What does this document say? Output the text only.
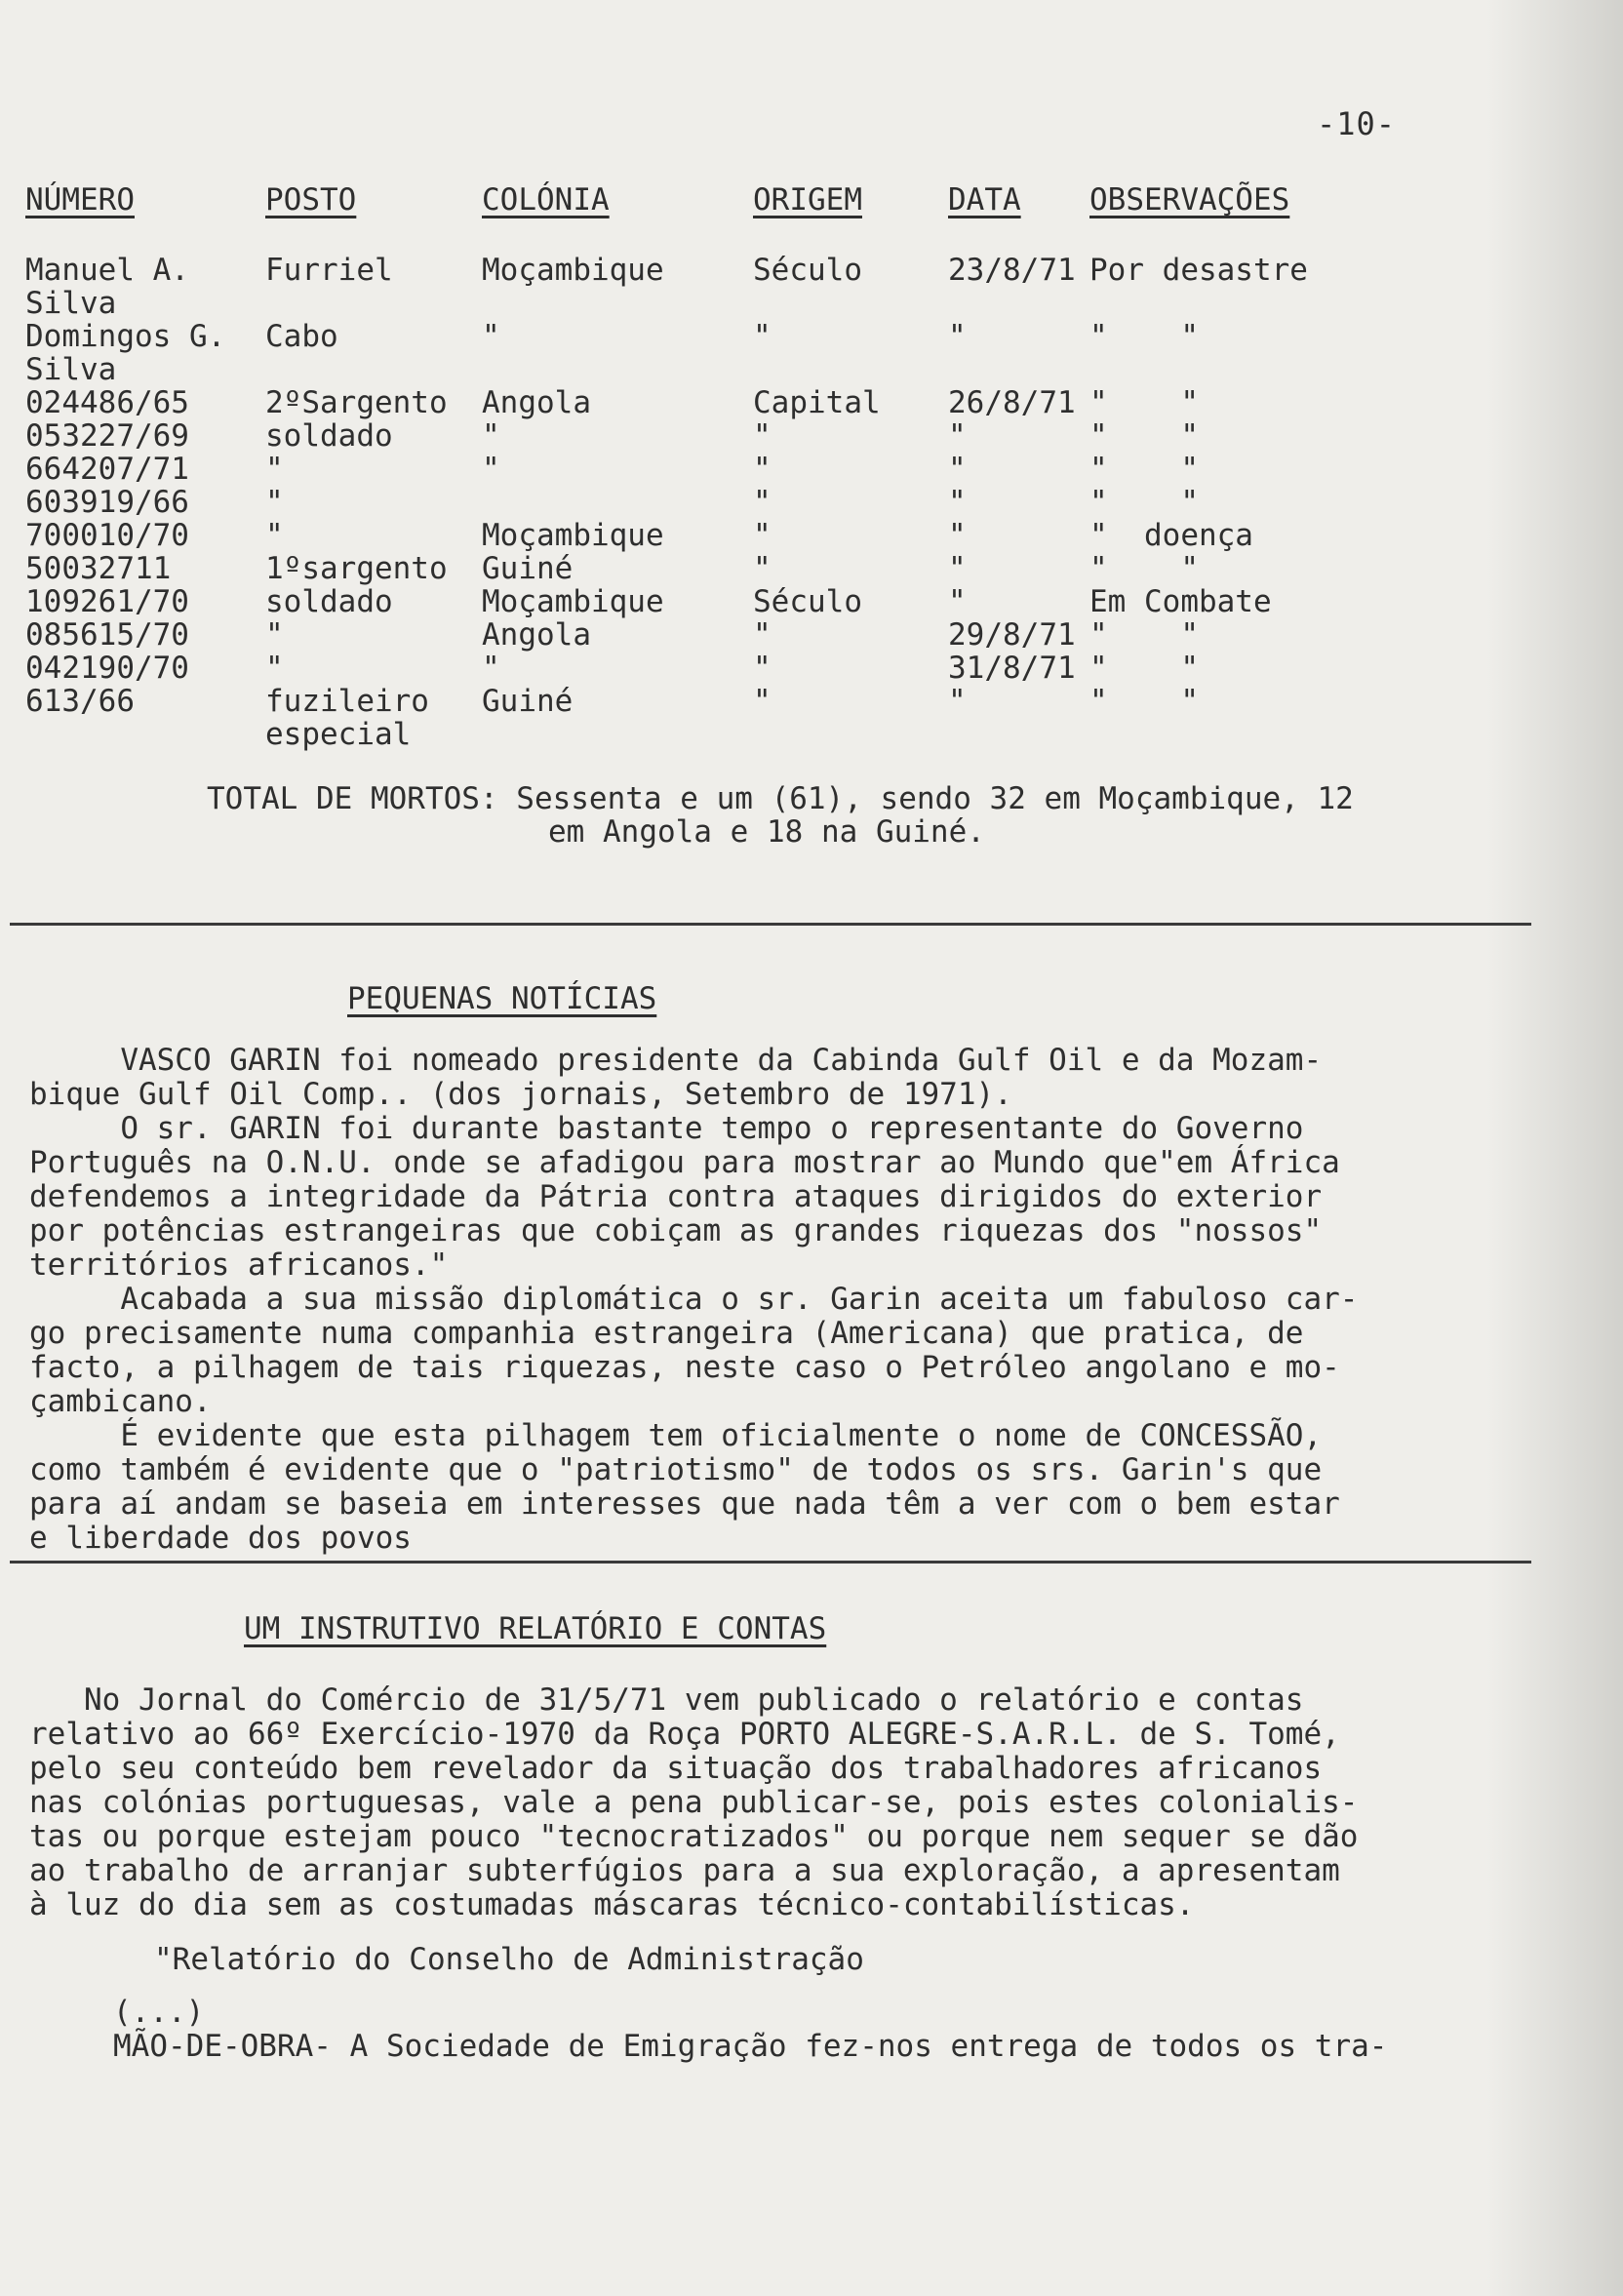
-10-
NÚMERO	POSTO	COLÓNIA	ORIGEM	DATA	OBSERVAÇÕES
Manuel A.	Furriel	Moçambique	Século	23/8/71	Por desastre
Silva					
Domingos G.	Cabo	"	"	"	"    "
Silva					
024486/65	2ºSargento	Angola	Capital	26/8/71	"    "
053227/69	soldado	"	"	"	"    "
664207/71	"	"	"	"	"    "
603919/66	"		"	"	"    "
700010/70	"	Moçambique	"	"	"  doença
50032711	1ºsargento	Guiné	"	"	"    "
109261/70	soldado	Moçambique	Século	"	Em Combate
085615/70	"	Angola	"	29/8/71	"    "
042190/70	"	"	"	31/8/71	"    "
613/66	fuzileiro	Guiné	"	"	"    "
	especial				

TOTAL DE MORTOS: Sessenta e um (61), sendo 32 em Moçambique, 12

em Angola e 18 na Guiné.

PEQUENAS NOTÍCIAS
VASCO GARIN foi nomeado presidente da Cabinda Gulf Oil e da Mozam-
bique Gulf Oil Comp.. (dos jornais, Setembro de 1971).
O sr. GARIN foi durante bastante tempo o representante do Governo
Português na O.N.U. onde se afadigou para mostrar ao Mundo que"em África
defendemos a integridade da Pátria contra ataques dirigidos do exterior
por potências estrangeiras que cobiçam as grandes riquezas dos "nossos"
territórios africanos."
Acabada a sua missão diplomática o sr. Garin aceita um fabuloso car-
go precisamente numa companhia estrangeira (Americana) que pratica, de
facto, a pilhagem de tais riquezas, neste caso o Petróleo angolano e mo-
çambicano.
É evidente que esta pilhagem tem oficialmente o nome de CONCESSÃO,
como também é evidente que o "patriotismo" de todos os srs. Garin's que
para aí andam se baseia em interesses que nada têm a ver com o bem estar
e liberdade dos povos
UM INSTRUTIVO RELATÓRIO E CONTAS
No Jornal do Comércio de 31/5/71 vem publicado o relatório e contas
relativo ao 66º Exercício-1970 da Roça PORTO ALEGRE-S.A.R.L. de S. Tomé,
pelo seu conteúdo bem revelador da situação dos trabalhadores africanos
nas colónias portuguesas, vale a pena publicar-se, pois estes colonialis-
tas ou porque estejam pouco "tecnocratizados" ou porque nem sequer se dão
ao trabalho de arranjar subterfúgios para a sua exploração, a apresentam
à luz do dia sem as costumadas máscaras técnico-contabilísticas.
"Relatório do Conselho de Administração
(...)
MÃO-DE-OBRA- A Sociedade de Emigração fez-nos entrega de todos os tra-
